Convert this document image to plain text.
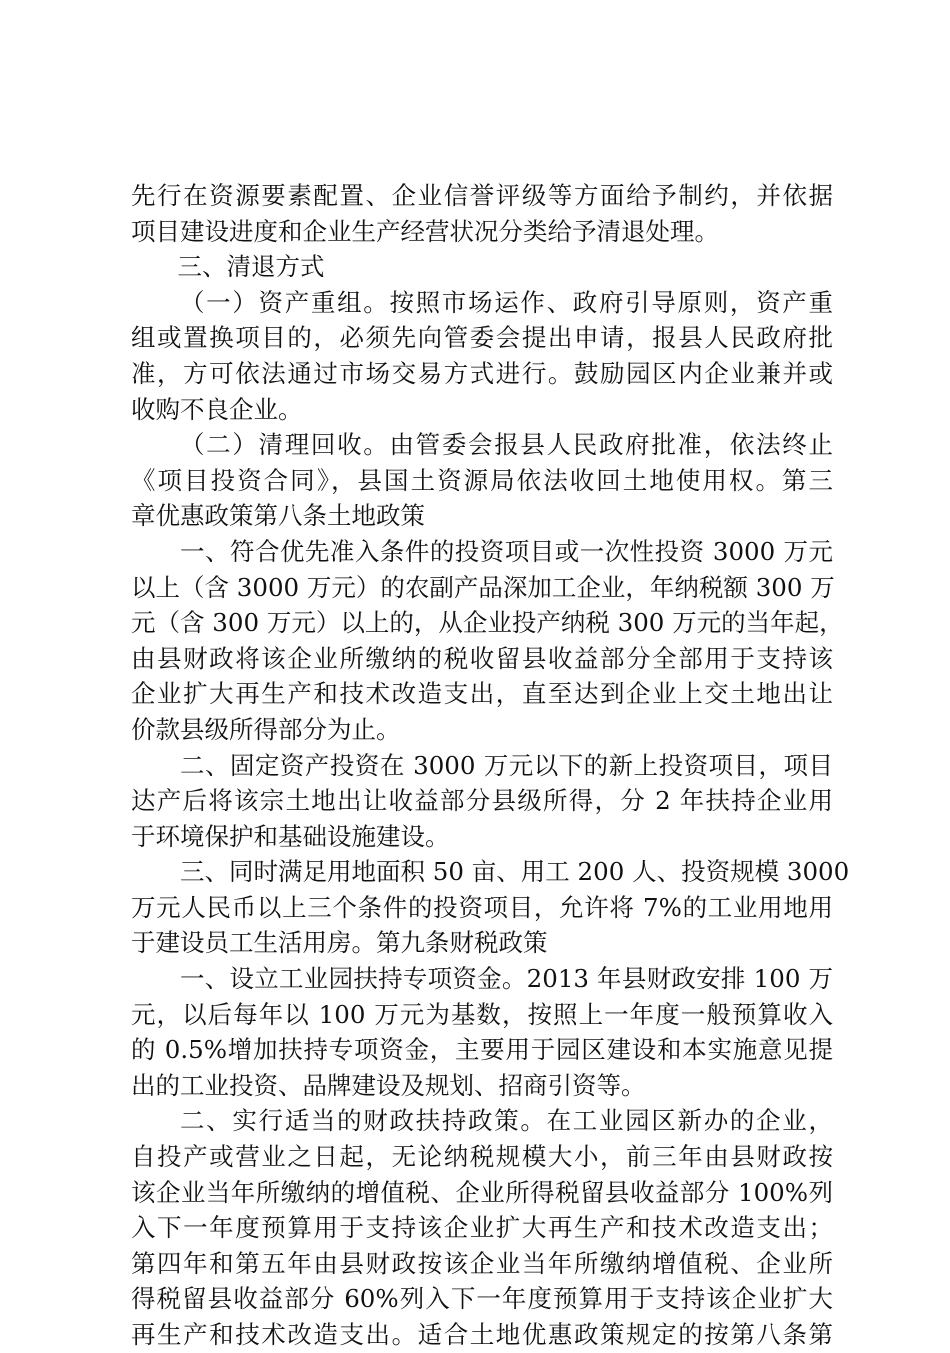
先行在资源要素配置、企业信誉评级等方面给予制约，并依据
项目建设进度和企业生产经营状况分类给予清退处理。
三、清退方式
（一）资产重组。按照市场运作、政府引导原则，资产重
组或置换项目的，必须先向管委会提出申请，报县人民政府批
准，方可依法通过市场交易方式进行。鼓励园区内企业兼并或
收购不良企业。
（二）清理回收。由管委会报县人民政府批准，依法终止
《项目投资合同》，县国土资源局依法收回土地使用权。第三
章优惠政策第八条土地政策
一、符合优先准入条件的投资项目或一次性投资 3000 万元
以上（含 3000 万元）的农副产品深加工企业，年纳税额 300 万
元（含 300 万元）以上的，从企业投产纳税 300 万元的当年起，
由县财政将该企业所缴纳的税收留县收益部分全部用于支持该
企业扩大再生产和技术改造支出，直至达到企业上交土地出让
价款县级所得部分为止。
二、固定资产投资在 3000 万元以下的新上投资项目，项目
达产后将该宗土地出让收益部分县级所得，分 2 年扶持企业用
于环境保护和基础设施建设。
三、同时满足用地面积 50 亩、用工 200 人、投资规模 3000
万元人民币以上三个条件的投资项目，允许将 7%的工业用地用
于建设员工生活用房。第九条财税政策
一、设立工业园扶持专项资金。2013 年县财政安排 100 万
元，以后每年以 100 万元为基数，按照上一年度一般预算收入
的 0.5%增加扶持专项资金，主要用于园区建设和本实施意见提
出的工业投资、品牌建设及规划、招商引资等。
二、实行适当的财政扶持政策。在工业园区新办的企业，
自投产或营业之日起，无论纳税规模大小，前三年由县财政按
该企业当年所缴纳的增值税、企业所得税留县收益部分 100%列
入下一年度预算用于支持该企业扩大再生产和技术改造支出；
第四年和第五年由县财政按该企业当年所缴纳增值税、企业所
得税留县收益部分 60%列入下一年度预算用于支持该企业扩大
再生产和技术改造支出。适合土地优惠政策规定的按第八条第
